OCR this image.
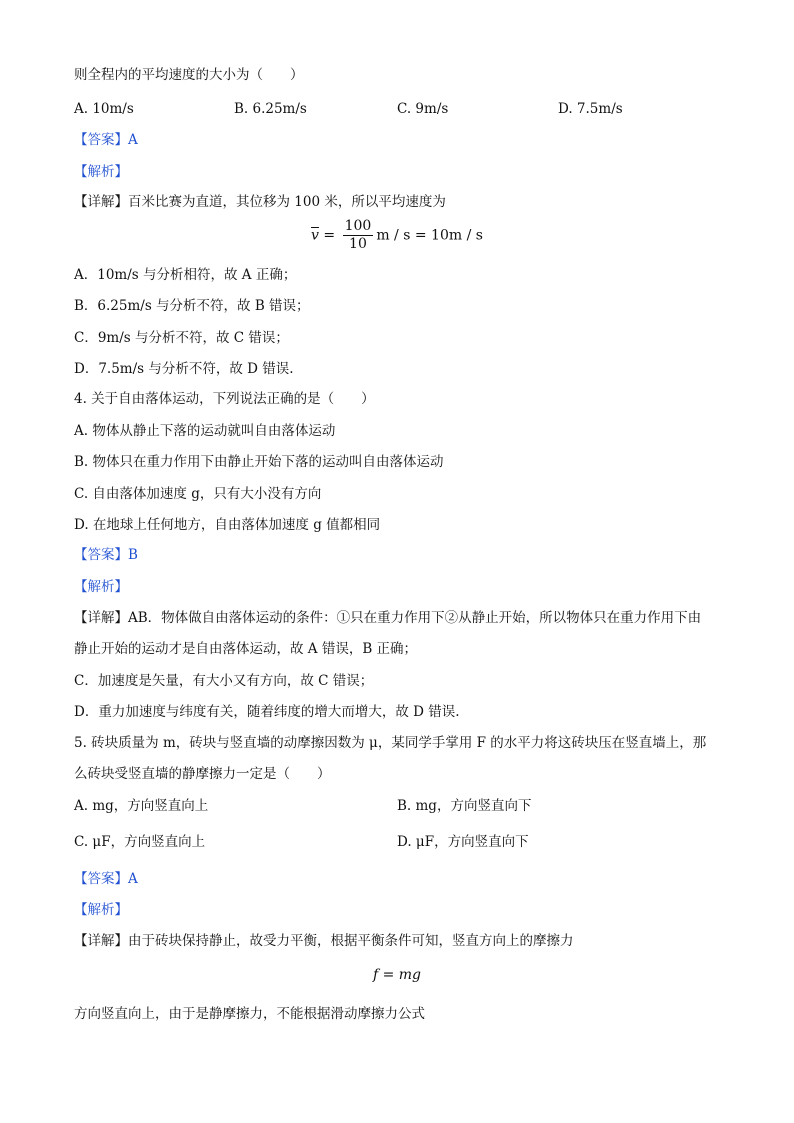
则全程内的平均速度的大小为（　　）
A. 10m/s	B. 6.25m/s	C. 9m/s	D. 7.5m/s
【答案】A
【解析】
【详解】百米比赛为直道，其位移为 100 米，所以平均速度为
$\overline{v} = \frac{100}{10}$ m / s = 10m / s
A．10m/s 与分析相符，故 A 正确；
B．6.25m/s 与分析不符，故 B 错误；
C．9m/s 与分析不符，故 C 错误；
D．7.5m/s 与分析不符，故 D 错误.
4. 关于自由落体运动，下列说法正确的是（　　）
A. 物体从静止下落的运动就叫自由落体运动
B. 物体只在重力作用下由静止开始下落的运动叫自由落体运动
C. 自由落体加速度 g，只有大小没有方向
D. 在地球上任何地方，自由落体加速度 g 值都相同
【答案】B
【解析】
【详解】AB．物体做自由落体运动的条件：①只在重力作用下②从静止开始，所以物体只在重力作用下由
静止开始的运动才是自由落体运动，故 A 错误，B 正确；
C．加速度是矢量，有大小又有方向，故 C 错误；
D．重力加速度与纬度有关，随着纬度的增大而增大，故 D 错误.
5. 砖块质量为 m，砖块与竖直墙的动摩擦因数为 μ，某同学手掌用 F 的水平力将这砖块压在竖直墙上，那
么砖块受竖直墙的静摩擦力一定是（　　）
A. mg，方向竖直向上	B. mg，方向竖直向下
C. μF，方向竖直向上	D. μF，方向竖直向下
【答案】A
【解析】
【详解】由于砖块保持静止，故受力平衡，根据平衡条件可知，竖直方向上的摩擦力
f = mg
方向竖直向上，由于是静摩擦力，不能根据滑动摩擦力公式
